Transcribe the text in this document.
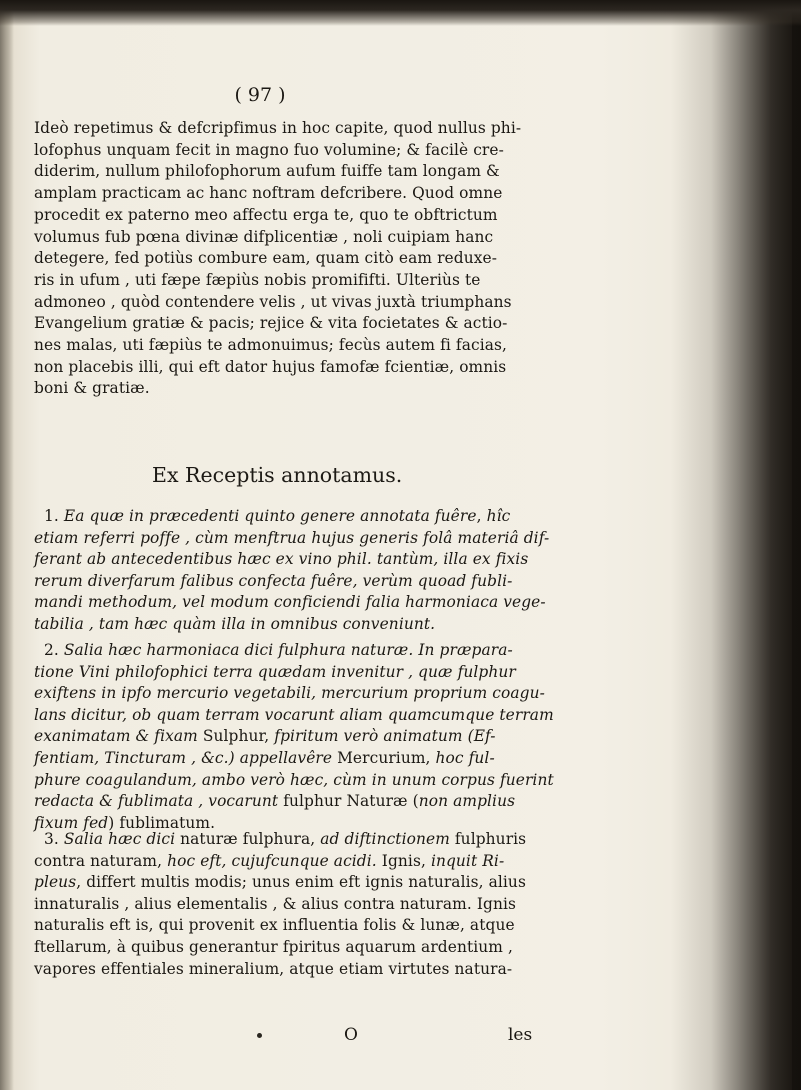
( 97 )
Ideò repetimus & defcripfimus in hoc capite, quod nullus phi-
lofophus unquam fecit in magno fuo volumine; & facilè cre-
diderim, nullum philofophorum aufum fuiffe tam longam &
amplam practicam ac hanc noftram defcribere. Quod omne
procedit ex paterno meo affectu erga te, quo te obftrictum
volumus fub pœna divinæ difplicentiæ , noli cuipiam hanc
detegere, fed potiùs combure eam, quam citò eam reduxe-
ris in ufum , uti fæpe fæpiùs nobis promififti. Ulteriùs te
admoneo , quòd contendere velis , ut vivas juxtà triumphans
Evangelium gratiæ & pacis; rejice & vita focietates & actio-
nes malas, uti fæpiùs te admonuimus; fecùs autem fi facias,
non placebis illi, qui eft dator hujus famofæ fcientiæ, omnis
boni & gratiæ.
1. Ea quæ in præcedenti quinto genere annotata fuêre, hîc
etiam referri poffe , cùm menftrua hujus generis folâ materiâ dif-
ferant ab antecedentibus hæc ex vino phil. tantùm, illa ex fixis
rerum diverfarum falibus confecta fuêre, verùm quoad fubli-
mandi methodum, vel modum conficiendi falia harmoniaca vege-
tabilia , tam hæc quàm illa in omnibus conveniunt.
2. Salia hæc harmoniaca dici fulphura naturæ. In præpara-
tione Vini philofophici terra quædam invenitur , quæ fulphur
exiftens in ipfo mercurio vegetabili, mercurium proprium coagu-
lans dicitur, ob quam terram vocarunt aliam quamcumque terram
exanimatam & fixam Sulphur, fpiritum verò animatum (Ef-
fentiam, Tincturam , &c.) appellavêre Mercurium, hoc ful-
phure coagulandum, ambo verò hæc, cùm in unum corpus fuerint
redacta & fublimata , vocarunt fulphur Naturæ (non amplius
fixum fed) fublimatum.
3. Salia hæc dici naturæ fulphura, ad diftinctionem fulphuris
contra naturam, hoc eft, cujufcunque acidi. Ignis, inquit Ri-
pleus, differt multis modis; unus enim eft ignis naturalis, alius
innaturalis , alius elementalis , & alius contra naturam. Ignis
naturalis eft is, qui provenit ex influentia folis & lunæ, atque
ftellarum, à quibus generantur fpiritus aquarum ardentium ,
vapores effentiales mineralium, atque etiam virtutes natura-
Ex Receptis annotamus.
O	les
